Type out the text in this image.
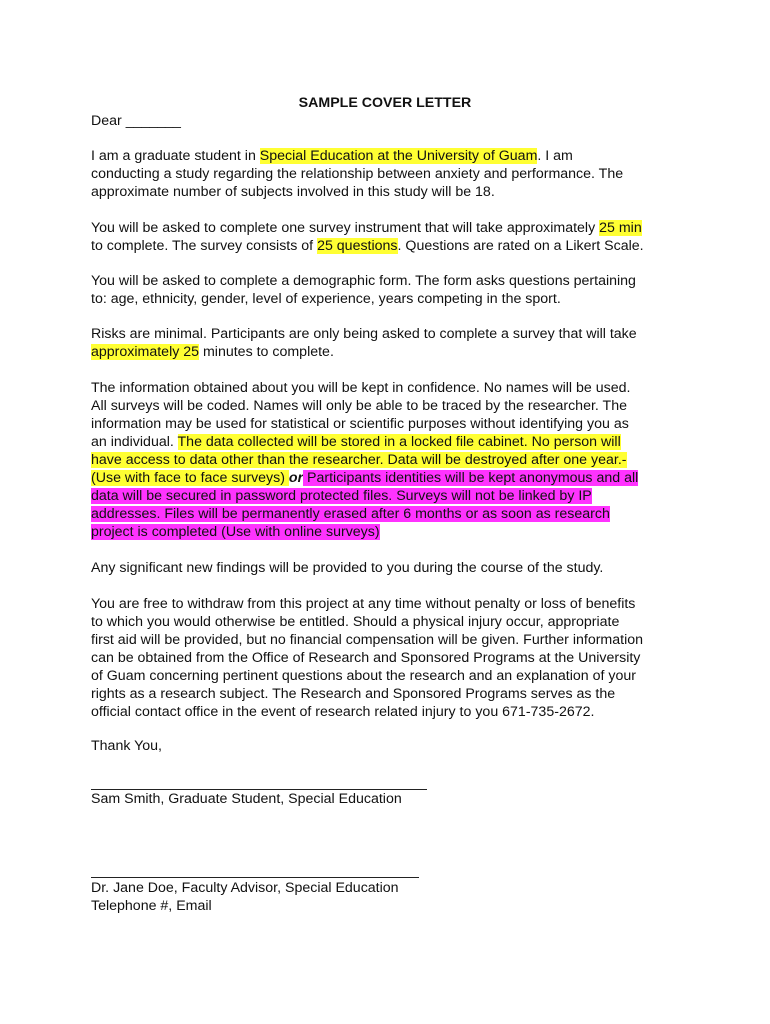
SAMPLE COVER LETTER
Dear _______
I am a graduate student in Special Education at the University of Guam. I am
conducting a study regarding the relationship between anxiety and performance. The
approximate number of subjects involved in this study will be 18.
You will be asked to complete one survey instrument that will take approximately 25 min
to complete. The survey consists of 25 questions. Questions are rated on a Likert Scale.
You will be asked to complete a demographic form. The form asks questions pertaining
to: age, ethnicity, gender, level of experience, years competing in the sport.
Risks are minimal. Participants are only being asked to complete a survey that will take
approximately 25 minutes to complete.
The information obtained about you will be kept in confidence. No names will be used.
All surveys will be coded. Names will only be able to be traced by the researcher. The
information may be used for statistical or scientific purposes without identifying you as
an individual. The data collected will be stored in a locked file cabinet. No person will
have access to data other than the researcher. Data will be destroyed after one year.-
(Use with face to face surveys) or Participants identities will be kept anonymous and all
data will be secured in password protected files. Surveys will not be linked by IP
addresses. Files will be permanently erased after 6 months or as soon as research
project is completed (Use with online surveys)
Any significant new findings will be provided to you during the course of the study.
You are free to withdraw from this project at any time without penalty or loss of benefits
to which you would otherwise be entitled. Should a physical injury occur, appropriate
first aid will be provided, but no financial compensation will be given. Further information
can be obtained from the Office of Research and Sponsored Programs at the University
of Guam concerning pertinent questions about the research and an explanation of your
rights as a research subject. The Research and Sponsored Programs serves as the
official contact office in the event of research related injury to you 671-735-2672.
Thank You,
Sam Smith, Graduate Student, Special Education
Dr. Jane Doe, Faculty Advisor, Special Education
Telephone #, Email
